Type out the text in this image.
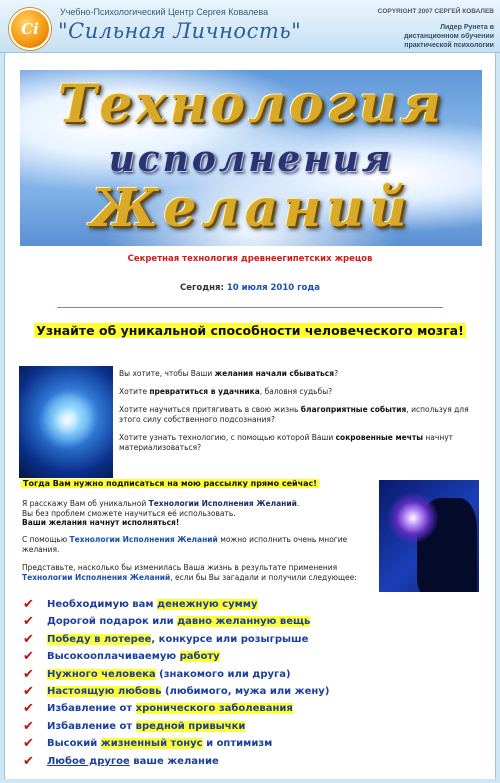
Ci
Учебно-Психологический Центр Сергея Ковалева
"Сильная Личность"
COPYRIGHT 2007 СЕРГЕЙ КОВАЛЕВ
Лидер Рунета в дистанционном обучении практической психологии
Технология
исполнения
Желаний
Секретная технология древнеегипетских жрецов
Сегодня: 10 июля 2010 года
Узнайте об уникальной способности человеческого мозга!
Вы хотите, чтобы Ваши желания начали сбываться?
Хотите превратиться в удачника, баловня судьбы?
Хотите научиться притягивать в свою жизнь благоприятные события, используя для этого силу собственного подсознания?
Хотите узнать технологию, с помощью которой Ваши сокровенные мечты начнут материализоваться?
Тогда Вам нужно подписаться на мою рассылку прямо сейчас!
Я расскажу Вам об уникальной Технологии Исполнения Желаний.
Вы без проблем сможете научиться её использовать.
Ваши желания начнут исполняться!
С помощью Технологии Исполнения Желаний можно исполнить очень многие желания.
Представьте, насколько бы изменилась Ваша жизнь в результате применения
Технологии Исполнения Желаний, если бы Вы загадали и получили следующее:
✔ Необходимую вам денежную сумму
✔ Дорогой подарок или давно желанную вещь
✔ Победу в лотерее, конкурсе или розыгрыше
✔ Высокооплачиваемую работу
✔ Нужного человека (знакомого или друга)
✔ Настоящую любовь (любимого, мужа или жену)
✔ Избавление от хронического заболевания
✔ Избавление от вредной привычки
✔ Высокий жизненный тонус и оптимизм
✔ Любое другое ваше желание
